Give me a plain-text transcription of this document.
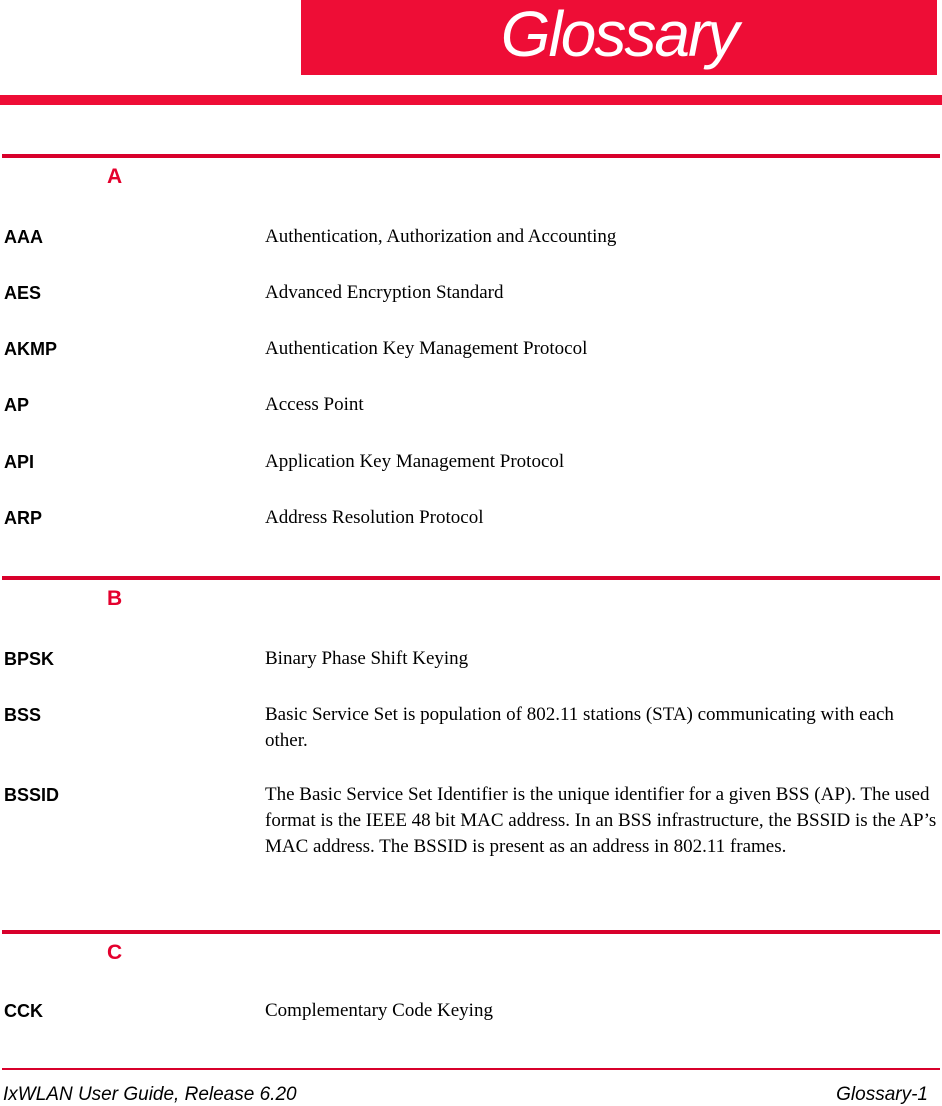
Glossary
A
AAA	Authentication, Authorization and Accounting
AES	Advanced Encryption Standard
AKMP	Authentication Key Management Protocol
AP	Access Point
API	Application Key Management Protocol
ARP	Address Resolution Protocol
B
BPSK	Binary Phase Shift Keying
BSS	Basic Service Set is population of 802.11 stations (STA) communicating with each other.
BSSID	The Basic Service Set Identifier is the unique identifier for a given BSS (AP). The used format is the IEEE 48 bit MAC address. In an BSS infrastructure, the BSSID is the AP’s MAC address. The BSSID is present as an address in 802.11 frames.
C
CCK	Complementary Code Keying
IxWLAN User Guide, Release 6.20	Glossary-1
